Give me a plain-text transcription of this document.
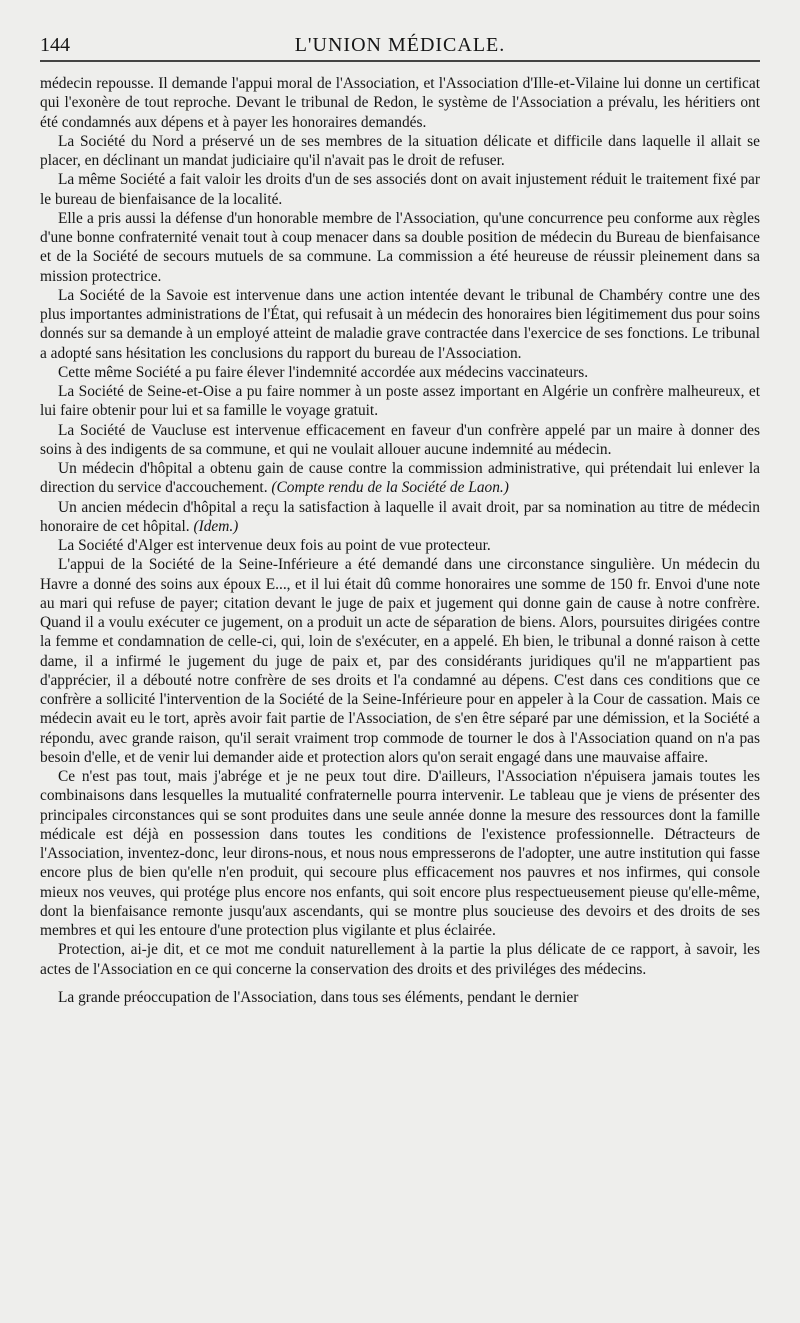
144	L'UNION MÉDICALE.

médecin repousse. Il demande l'appui moral de l'Association, et l'Association d'Ille-et-Vilaine lui donne un certificat qui l'exonère de tout reproche. Devant le tribunal de Redon, le système de l'Association a prévalu, les héritiers ont été condamnés aux dépens et à payer les honoraires demandés.

La Société du Nord a préservé un de ses membres de la situation délicate et difficile dans laquelle il allait se placer, en déclinant un mandat judiciaire qu'il n'avait pas le droit de refuser.

La même Société a fait valoir les droits d'un de ses associés dont on avait injustement réduit le traitement fixé par le bureau de bienfaisance de la localité.

Elle a pris aussi la défense d'un honorable membre de l'Association, qu'une concurrence peu conforme aux règles d'une bonne confraternité venait tout à coup menacer dans sa double position de médecin du Bureau de bienfaisance et de la Société de secours mutuels de sa commune. La commission a été heureuse de réussir pleinement dans sa mission protectrice.

La Société de la Savoie est intervenue dans une action intentée devant le tribunal de Chambéry contre une des plus importantes administrations de l'État, qui refusait à un médecin des honoraires bien légitimement dus pour soins donnés sur sa demande à un employé atteint de maladie grave contractée dans l'exercice de ses fonctions. Le tribunal a adopté sans hésitation les conclusions du rapport du bureau de l'Association.

Cette même Société a pu faire élever l'indemnité accordée aux médecins vaccinateurs.

La Société de Seine-et-Oise a pu faire nommer à un poste assez important en Algérie un confrère malheureux, et lui faire obtenir pour lui et sa famille le voyage gratuit.

La Société de Vaucluse est intervenue efficacement en faveur d'un confrère appelé par un maire à donner des soins à des indigents de sa commune, et qui ne voulait allouer aucune indemnité au médecin.

Un médecin d'hôpital a obtenu gain de cause contre la commission administrative, qui prétendait lui enlever la direction du service d'accouchement. (Compte rendu de la Société de Laon.)

Un ancien médecin d'hôpital a reçu la satisfaction à laquelle il avait droit, par sa nomination au titre de médecin honoraire de cet hôpital. (Idem.)

La Société d'Alger est intervenue deux fois au point de vue protecteur.

L'appui de la Société de la Seine-Inférieure a été demandé dans une circonstance singulière. Un médecin du Havre a donné des soins aux époux E..., et il lui était dû comme honoraires une somme de 150 fr. Envoi d'une note au mari qui refuse de payer; citation devant le juge de paix et jugement qui donne gain de cause à notre confrère. Quand il a voulu exécuter ce jugement, on a produit un acte de séparation de biens. Alors, poursuites dirigées contre la femme et condamnation de celle-ci, qui, loin de s'exécuter, en a appelé. Eh bien, le tribunal a donné raison à cette dame, il a infirmé le jugement du juge de paix et, par des considérants juridiques qu'il ne m'appartient pas d'apprécier, il a débouté notre confrère de ses droits et l'a condamné au dépens. C'est dans ces conditions que ce confrère a sollicité l'intervention de la Société de la Seine-Inférieure pour en appeler à la Cour de cassation. Mais ce médecin avait eu le tort, après avoir fait partie de l'Association, de s'en être séparé par une démission, et la Société a répondu, avec grande raison, qu'il serait vraiment trop commode de tourner le dos à l'Association quand on n'a pas besoin d'elle, et de venir lui demander aide et protection alors qu'on serait engagé dans une mauvaise affaire.

Ce n'est pas tout, mais j'abrége et je ne peux tout dire. D'ailleurs, l'Association n'épuisera jamais toutes les combinaisons dans lesquelles la mutualité confraternelle pourra intervenir. Le tableau que je viens de présenter des principales circonstances qui se sont produites dans une seule année donne la mesure des ressources dont la famille médicale est déjà en possession dans toutes les conditions de l'existence professionnelle. Détracteurs de l'Association, inventez-donc, leur dirons-nous, et nous nous empresserons de l'adopter, une autre institution qui fasse encore plus de bien qu'elle n'en produit, qui secoure plus efficacement nos pauvres et nos infirmes, qui console mieux nos veuves, qui protége plus encore nos enfants, qui soit encore plus respectueusement pieuse qu'elle-même, dont la bienfaisance remonte jusqu'aux ascendants, qui se montre plus soucieuse des devoirs et des droits de ses membres et qui les entoure d'une protection plus vigilante et plus éclairée.

Protection, ai-je dit, et ce mot me conduit naturellement à la partie la plus délicate de ce rapport, à savoir, les actes de l'Association en ce qui concerne la conservation des droits et des priviléges des médecins.

La grande préoccupation de l'Association, dans tous ses éléments, pendant le dernier
